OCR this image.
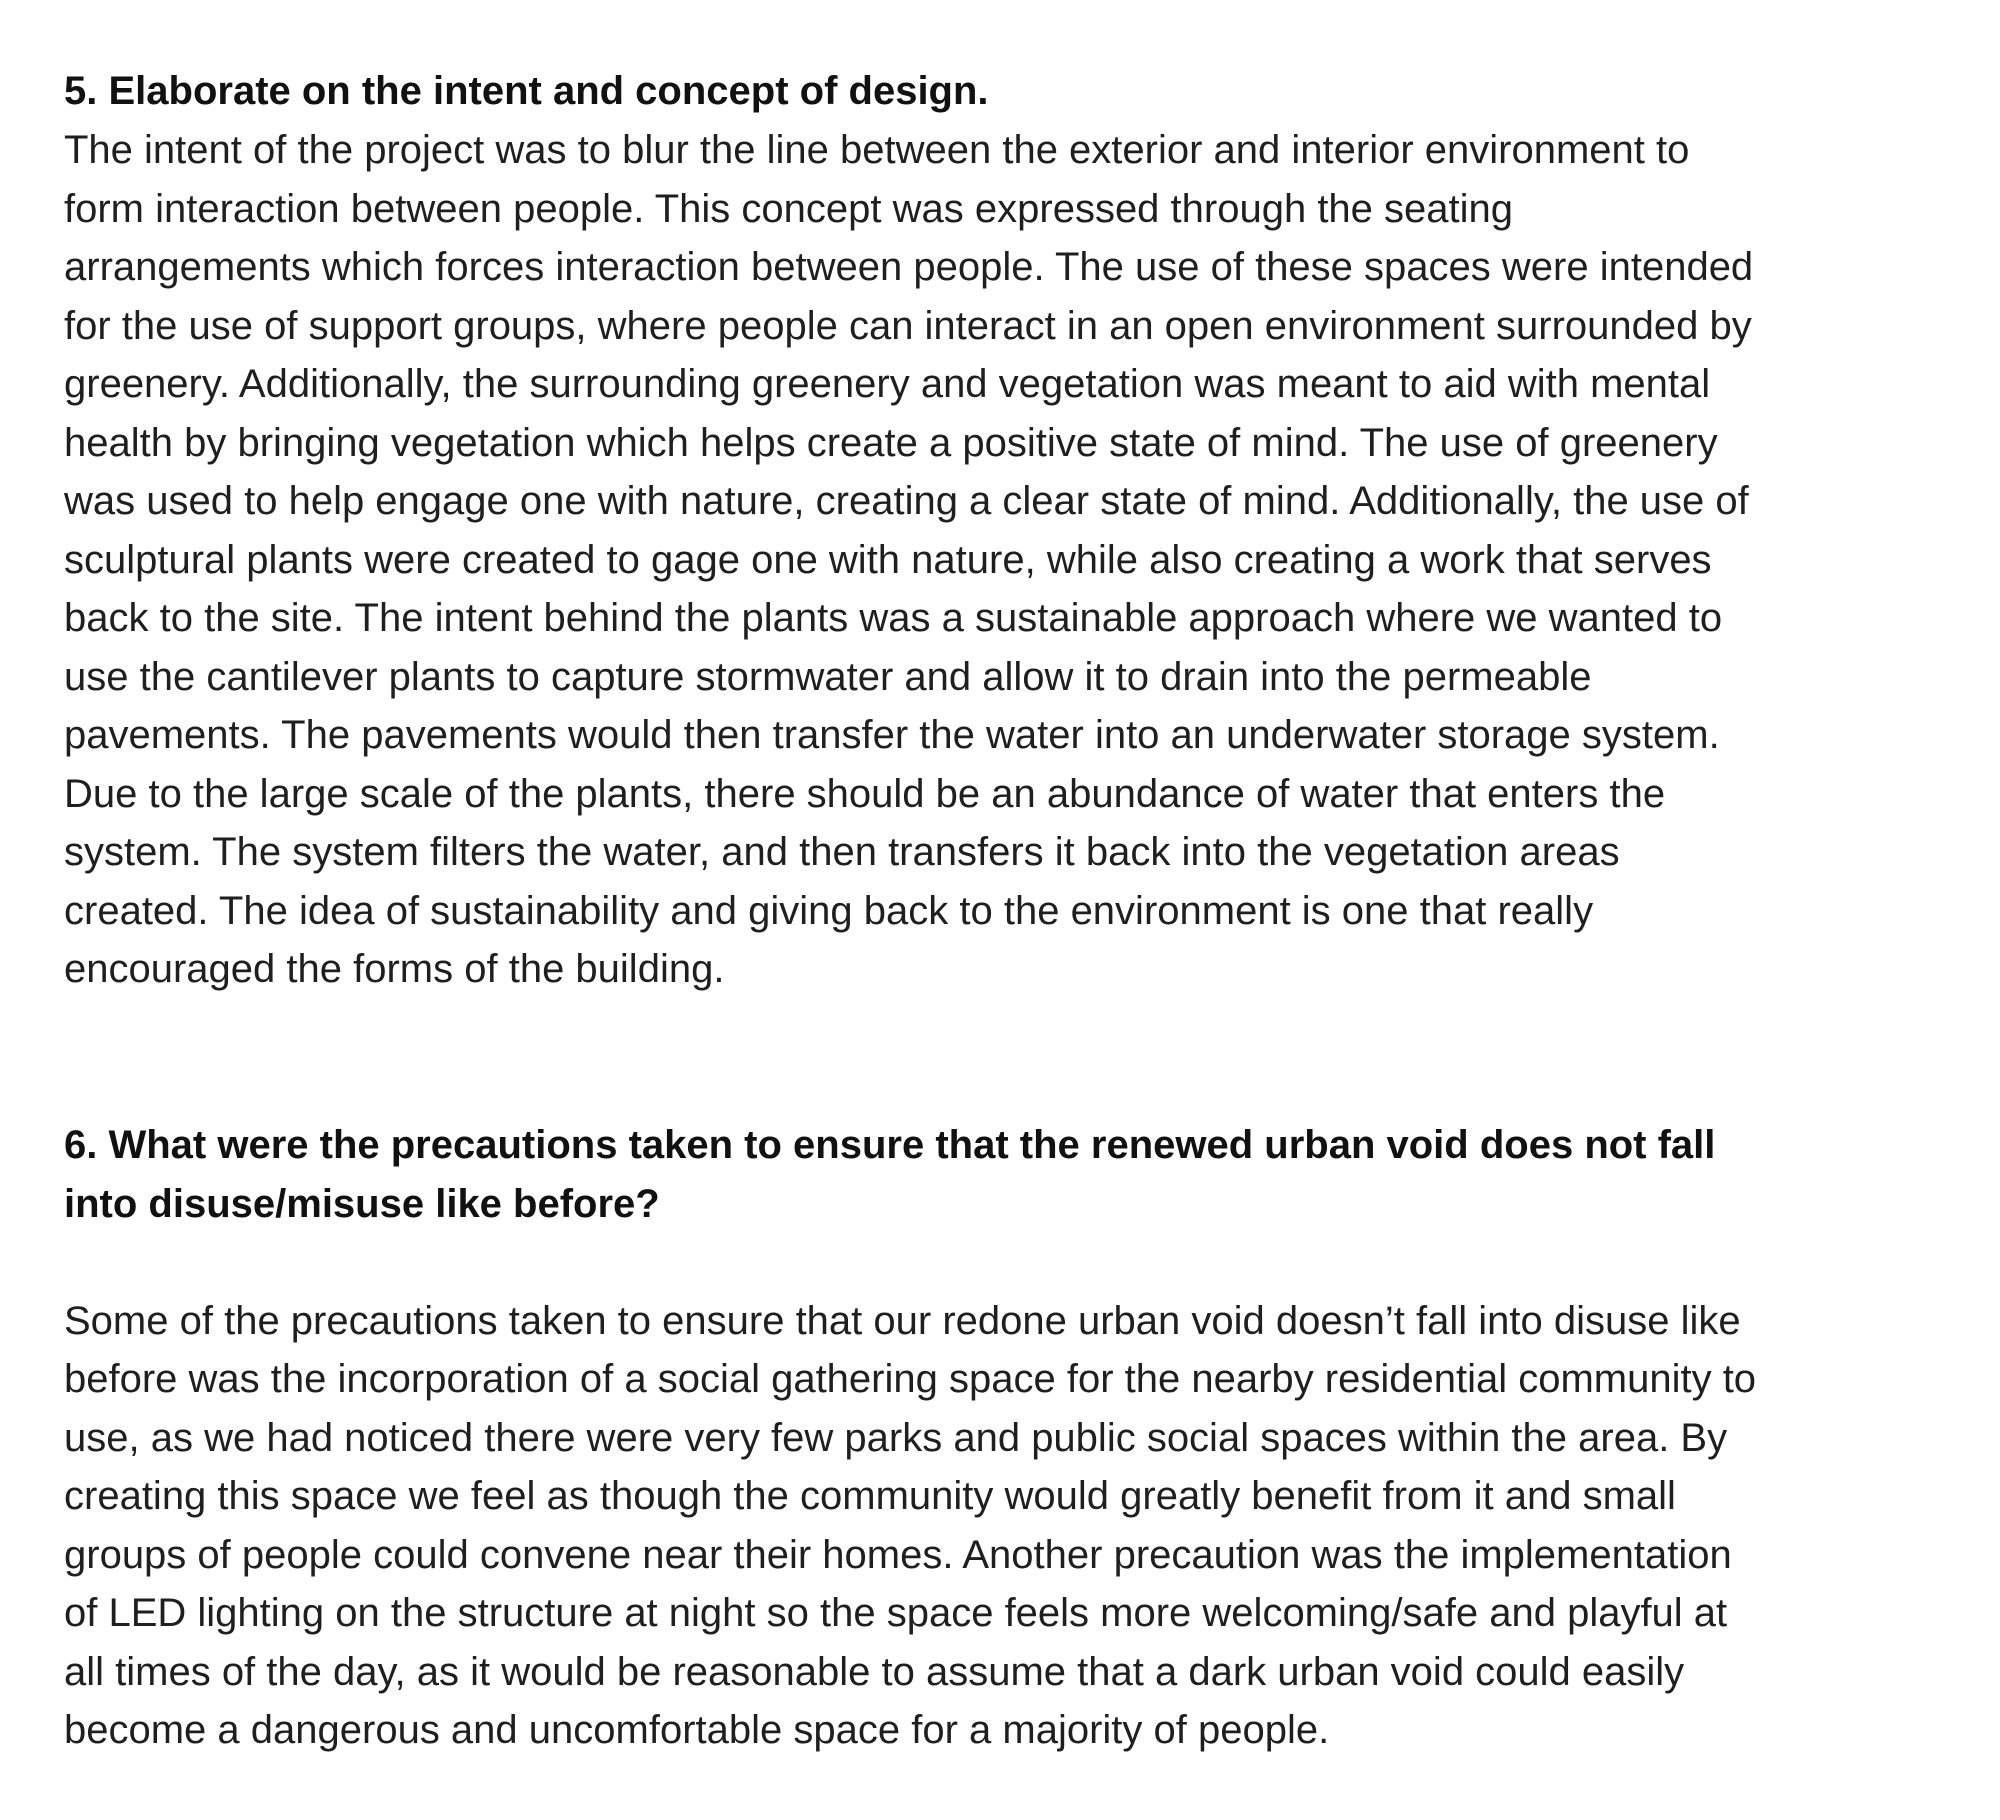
5. Elaborate on the intent and concept of design.

The intent of the project was to blur the line between the exterior and interior environment to
form interaction between people. This concept was expressed through the seating
arrangements which forces interaction between people. The use of these spaces were intended
for the use of support groups, where people can interact in an open environment surrounded by
greenery. Additionally, the surrounding greenery and vegetation was meant to aid with mental
health by bringing vegetation which helps create a positive state of mind. The use of greenery
was used to help engage one with nature, creating a clear state of mind. Additionally, the use of
sculptural plants were created to gage one with nature, while also creating a work that serves
back to the site. The intent behind the plants was a sustainable approach where we wanted to
use the cantilever plants to capture stormwater and allow it to drain into the permeable
pavements. The pavements would then transfer the water into an underwater storage system.
Due to the large scale of the plants, there should be an abundance of water that enters the
system. The system filters the water, and then transfers it back into the vegetation areas
created. The idea of sustainability and giving back to the environment is one that really
encouraged the forms of the building.

6. What were the precautions taken to ensure that the renewed urban void does not fall
into disuse/misuse like before?

Some of the precautions taken to ensure that our redone urban void doesn’t fall into disuse like
before was the incorporation of a social gathering space for the nearby residential community to
use, as we had noticed there were very few parks and public social spaces within the area. By
creating this space we feel as though the community would greatly benefit from it and small
groups of people could convene near their homes. Another precaution was the implementation
of LED lighting on the structure at night so the space feels more welcoming/safe and playful at
all times of the day, as it would be reasonable to assume that a dark urban void could easily
become a dangerous and uncomfortable space for a majority of people.
